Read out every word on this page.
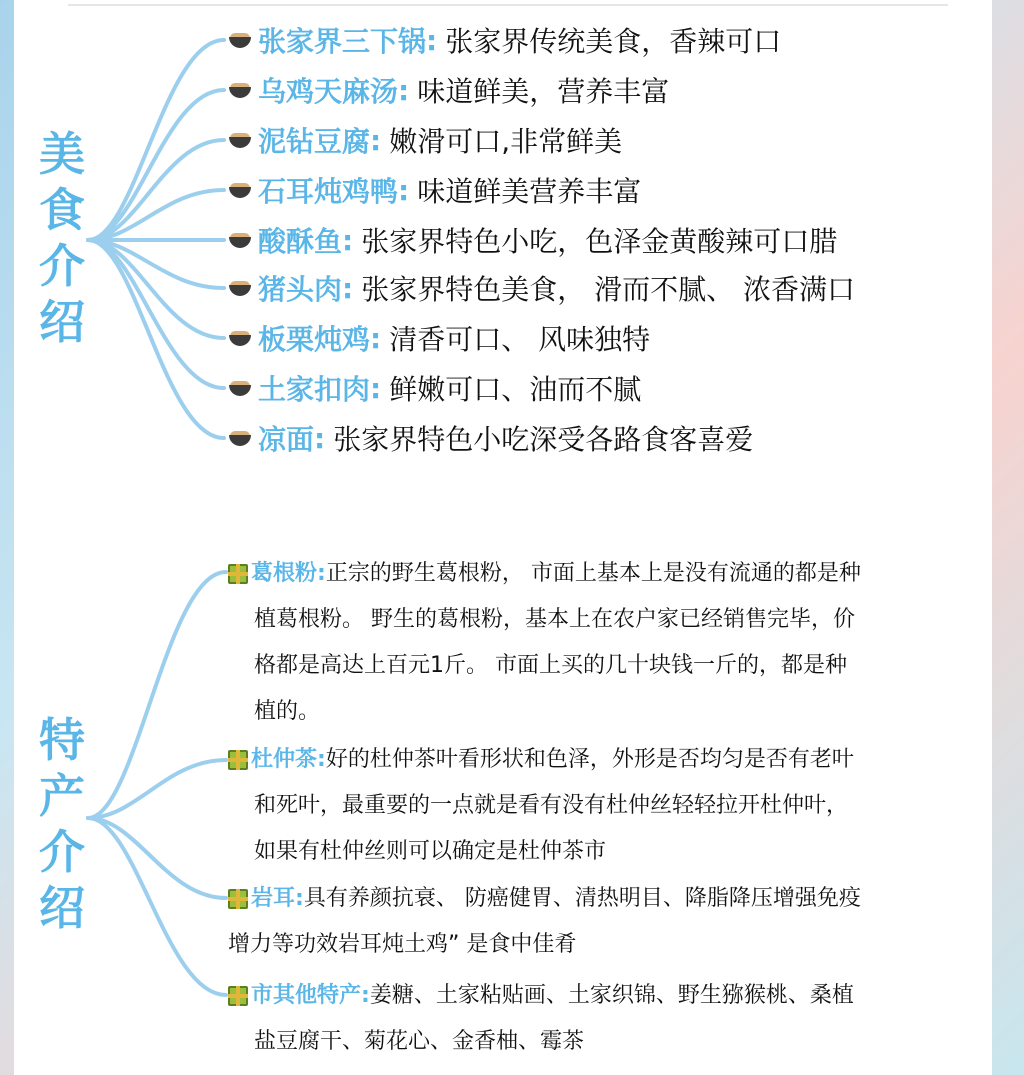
美
食
介
绍
特
产
介
绍
张家界三下锅 : 张家界传统美食，香辣可口
乌鸡天麻汤 : 味道鲜美，营养丰富
泥钻豆腐 : 嫩滑可口,非常鲜美
石耳炖鸡鸭 : 味道鲜美营养丰富
酸酥鱼 : 张家界特色小吃，色泽金黄酸辣可口腊
猪头肉 : 张家界特色美食， 滑而不腻、 浓香满口
板栗炖鸡 : 清香可口、 风味独特
土家扣肉 : 鲜嫩可口、油而不腻
凉面 : 张家界特色小吃深受各路食客喜爱
葛根粉 : 正宗的野生葛根粉， 市面上基本上是没有流通的都是种
植葛根粉。 野生的葛根粉，基本上在农户家已经销售完毕，价
格都是高达上百元1斤。 市面上买的几十块钱一斤的，都是种
植的。
杜仲茶 : 好的杜仲茶叶看形状和色泽，外形是否均匀是否有老叶
和死叶，最重要的一点就是看有没有杜仲丝轻轻拉开杜仲叶，
如果有杜仲丝则可以确定是杜仲茶市
岩耳 : 具有养颜抗衰、 防癌健胃、清热明目、降脂降压增强免疫
增力等功效岩耳炖土鸡” 是食中佳肴
市其他特产 : 姜糖、土家粘贴画、土家织锦、野生猕猴桃、桑植
盐豆腐干、菊花心、金香柚、霉茶
